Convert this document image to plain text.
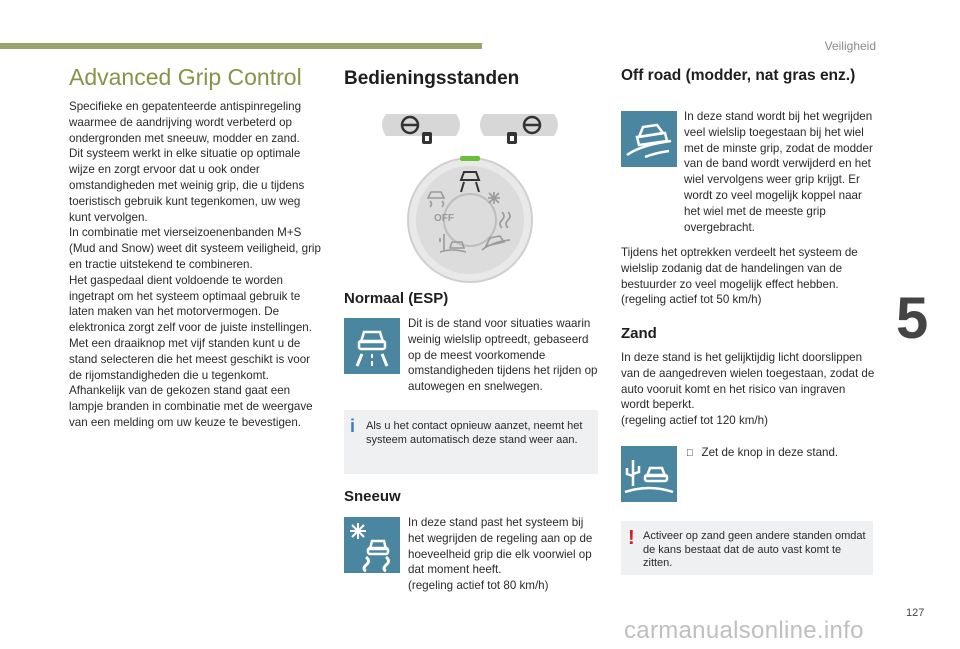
Veiligheid
5
127
carmanualsonline.info
Advanced Grip Control

Specifieke en gepatenteerde antispinregeling waarmee de aandrijving wordt verbeterd op ondergronden met sneeuw, modder en zand.

Dit systeem werkt in elke situatie op optimale wijze en zorgt ervoor dat u ook onder omstandigheden met weinig grip, die u tijdens toeristisch gebruik kunt tegenkomen, uw weg kunt vervolgen.

In combinatie met vierseizoenenbanden M+S (Mud and Snow) weet dit systeem veiligheid, grip en tractie uitstekend te combineren.

Het gaspedaal dient voldoende te worden ingetrapt om het systeem optimaal gebruik te laten maken van het motorvermogen. De elektronica zorgt zelf voor de juiste instellingen.

Met een draaiknop met vijf standen kunt u de stand selecteren die het meest geschikt is voor de rijomstandigheden die u tegenkomt.

Afhankelijk van de gekozen stand gaat een lampje branden in combinatie met de weergave van een melding om uw keuze te bevestigen.

Bedieningsstanden
OFF
Normaal (ESP)
Dit is de stand voor situaties waarin weinig wielslip optreedt, gebaseerd op de meest voorkomende omstandigheden tijdens het rijden op autowegen en snelwegen.
i Als u het contact opnieuw aanzet, neemt het systeem automatisch deze stand weer aan.
Sneeuw
In deze stand past het systeem bij het wegrijden de regeling aan op de hoeveelheid grip die elk voorwiel op dat moment heeft.
(regeling actief tot 80 km/h)
Off road (modder, nat gras enz.)
In deze stand wordt bij het wegrijden veel wielslip toegestaan bij het wiel met de minste grip, zodat de modder van de band wordt verwijderd en het wiel vervolgens weer grip krijgt. Er wordt zo veel mogelijk koppel naar het wiel met de meeste grip overgebracht.
Tijdens het optrekken verdeelt het systeem de wielslip zodanig dat de handelingen van de bestuurder zo veel mogelijk effect hebben.
(regeling actief tot 50 km/h)
Zand
In deze stand is het gelijktijdig licht doorslippen van de aangedreven wielen toegestaan, zodat de auto vooruit komt en het risico van ingraven wordt beperkt.
(regeling actief tot 120 km/h)
Zet de knop in deze stand.
! Activeer op zand geen andere standen omdat de kans bestaat dat de auto vast komt te zitten.
